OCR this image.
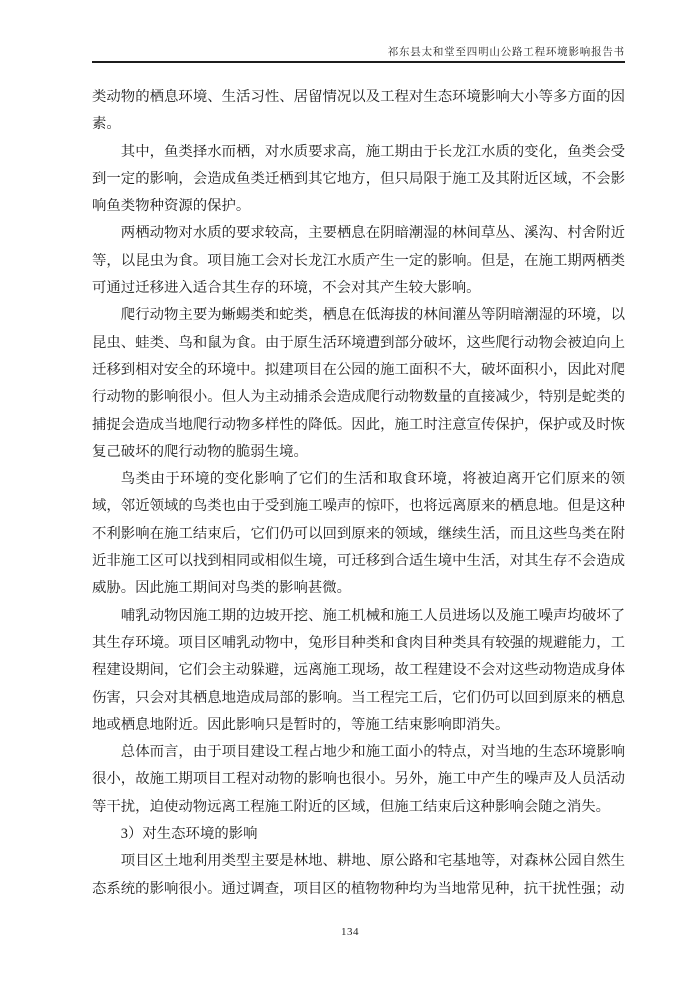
祁东县太和堂至四明山公路工程环境影响报告书

类动物的栖息环境、生活习性、居留情况以及工程对生态环境影响大小等多方面的因素。

其中，鱼类择水而栖，对水质要求高，施工期由于长龙江水质的变化，鱼类会受到一定的影响，会造成鱼类迁栖到其它地方，但只局限于施工及其附近区域，不会影响鱼类物种资源的保护。

两栖动物对水质的要求较高，主要栖息在阴暗潮湿的林间草丛、溪沟、村舍附近等，以昆虫为食。项目施工会对长龙江水质产生一定的影响。但是，在施工期两栖类可通过迁移进入适合其生存的环境，不会对其产生较大影响。

爬行动物主要为蜥蜴类和蛇类，栖息在低海拔的林间灌丛等阴暗潮湿的环境，以昆虫、蛙类、鸟和鼠为食。由于原生活环境遭到部分破坏，这些爬行动物会被迫向上迁移到相对安全的环境中。拟建项目在公园的施工面积不大，破坏面积小，因此对爬行动物的影响很小。但人为主动捕杀会造成爬行动物数量的直接减少，特别是蛇类的捕捉会造成当地爬行动物多样性的降低。因此，施工时注意宣传保护，保护或及时恢复己破坏的爬行动物的脆弱生境。

鸟类由于环境的变化影响了它们的生活和取食环境，将被迫离开它们原来的领域，邻近领域的鸟类也由于受到施工噪声的惊吓，也将远离原来的栖息地。但是这种不利影响在施工结束后，它们仍可以回到原来的领域，继续生活，而且这些鸟类在附近非施工区可以找到相同或相似生境，可迁移到合适生境中生活，对其生存不会造成威胁。因此施工期间对鸟类的影响甚微。

哺乳动物因施工期的边坡开挖、施工机械和施工人员进场以及施工噪声均破坏了其生存环境。项目区哺乳动物中，兔形目种类和食肉目种类具有较强的规避能力，工程建设期间，它们会主动躲避，远离施工现场，故工程建设不会对这些动物造成身体伤害，只会对其栖息地造成局部的影响。当工程完工后，它们仍可以回到原来的栖息地或栖息地附近。因此影响只是暂时的，等施工结束影响即消失。

总体而言，由于项目建设工程占地少和施工面小的特点，对当地的生态环境影响很小，故施工期项目工程对动物的影响也很小。另外，施工中产生的噪声及人员活动等干扰，迫使动物远离工程施工附近的区域，但施工结束后这种影响会随之消失。

3）对生态环境的影响

项目区土地利用类型主要是林地、耕地、原公路和宅基地等，对森林公园自然生态系统的影响很小。通过调查，项目区的植物物种均为当地常见种，抗干扰性强；动

134
